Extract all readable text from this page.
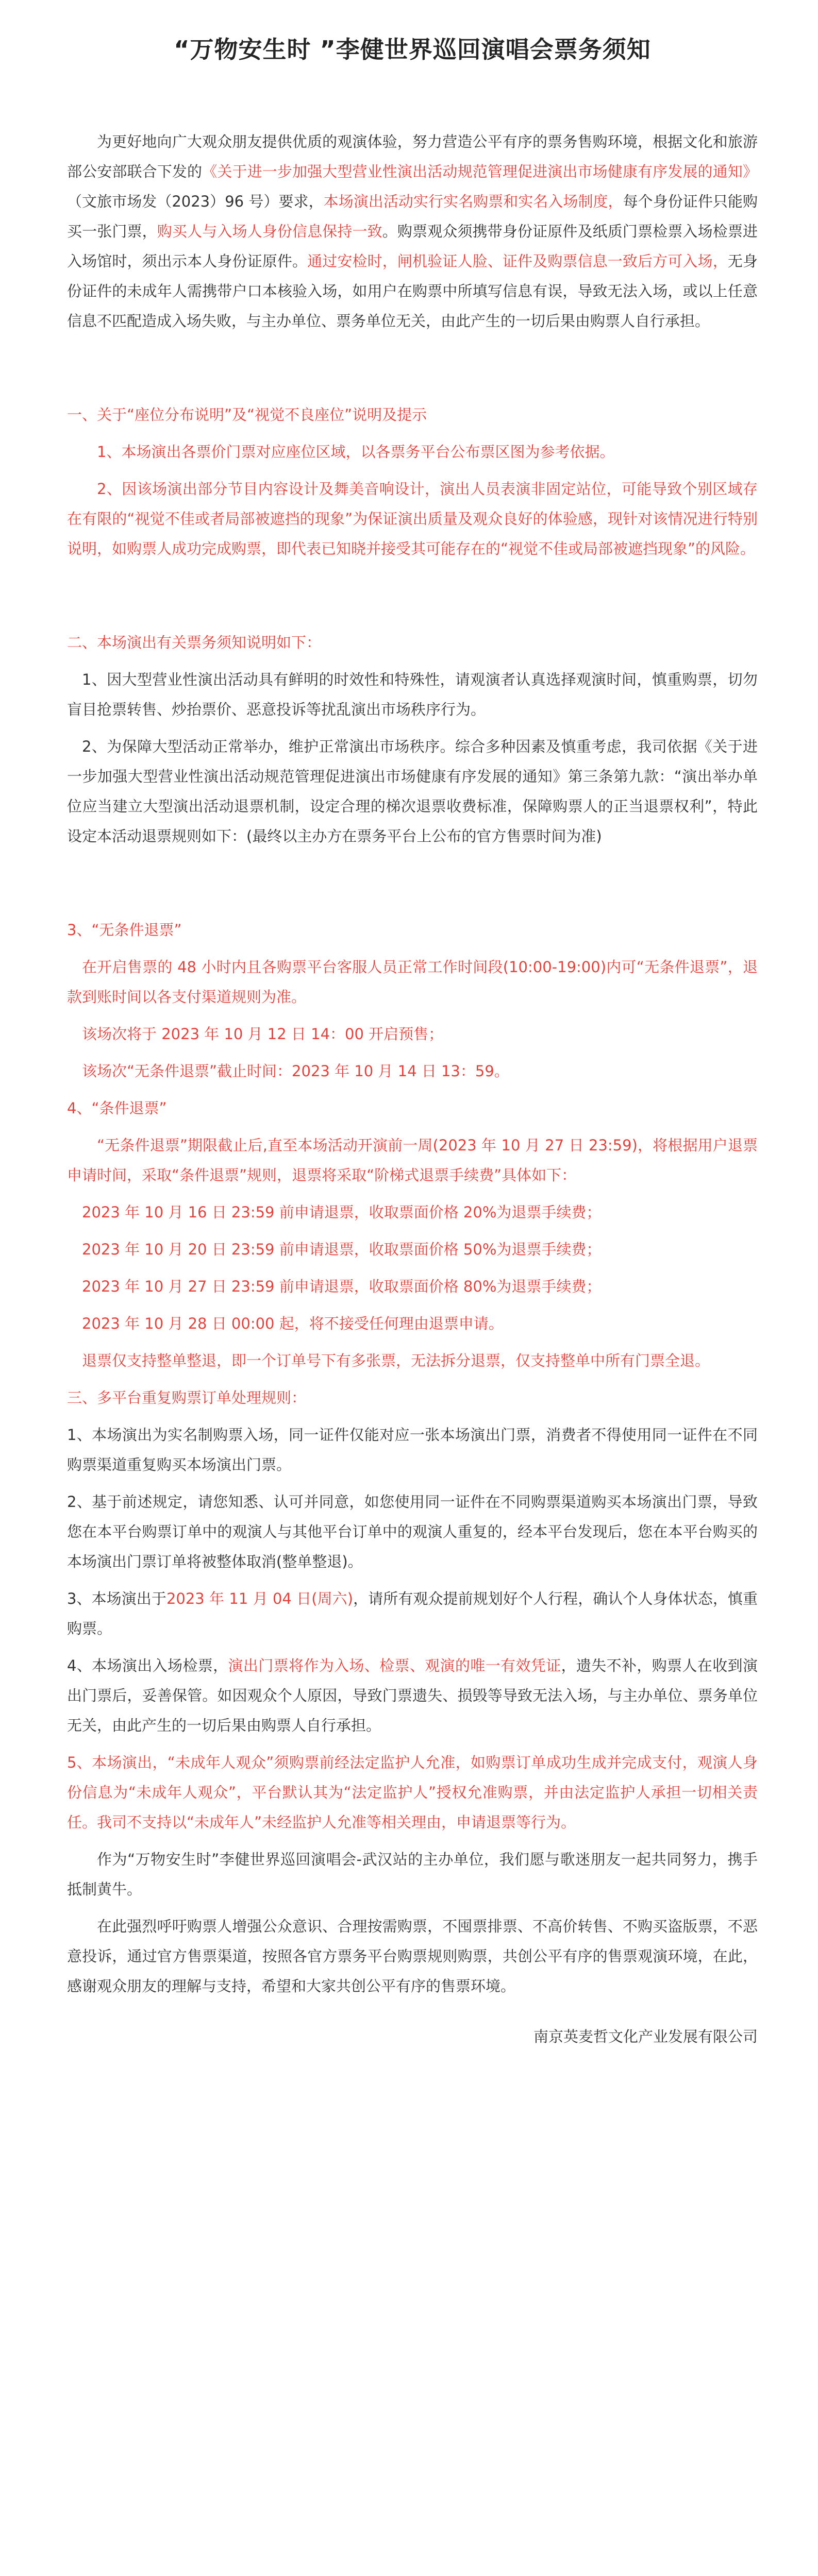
“万物安生时 ”李健世界巡回演唱会票务须知

为更好地向广大观众朋友提供优质的观演体验，努力营造公平有序的票务售购环境，根据文化和旅游部公安部联合下发的《关于进一步加强大型营业性演出活动规范管理促进演出市场健康有序发展的通知》（文旅市场发（2023）96 号）要求，本场演出活动实行实名购票和实名入场制度，每个身份证件只能购买一张门票，购买人与入场人身份信息保持一致。购票观众须携带身份证原件及纸质门票检票入场检票进入场馆时，须出示本人身份证原件。通过安检时，闸机验证人脸、证件及购票信息一致后方可入场，无身份证件的未成年人需携带户口本核验入场，如用户在购票中所填写信息有误，导致无法入场，或以上任意信息不匹配造成入场失败，与主办单位、票务单位无关，由此产生的一切后果由购票人自行承担。

一、关于“座位分布说明”及“视觉不良座位”说明及提示

1、本场演出各票价门票对应座位区域，以各票务平台公布票区图为参考依据。

2、因该场演出部分节目内容设计及舞美音响设计，演出人员表演非固定站位，可能导致个别区域存在有限的“视觉不佳或者局部被遮挡的现象”为保证演出质量及观众良好的体验感，现针对该情况进行特别说明，如购票人成功完成购票，即代表已知晓并接受其可能存在的“视觉不佳或局部被遮挡现象”的风险。

二、本场演出有关票务须知说明如下：

1、因大型营业性演出活动具有鲜明的时效性和特殊性，请观演者认真选择观演时间，慎重购票，切勿盲目抢票转售、炒抬票价、恶意投诉等扰乱演出市场秩序行为。

2、为保障大型活动正常举办，维护正常演出市场秩序。综合多种因素及慎重考虑，我司依据《关于进一步加强大型营业性演出活动规范管理促进演出市场健康有序发展的通知》第三条第九款：“演出举办单位应当建立大型演出活动退票机制，设定合理的梯次退票收费标准，保障购票人的正当退票权利”，特此设定本活动退票规则如下：(最终以主办方在票务平台上公布的官方售票时间为准)

3、“无条件退票”

在开启售票的 48 小时内且各购票平台客服人员正常工作时间段(10:00-19:00)内可“无条件退票”，退款到账时间以各支付渠道规则为准。

该场次将于 2023 年 10 月 12 日 14：00 开启预售；

该场次“无条件退票”截止时间：2023 年 10 月 14 日 13：59。

4、“条件退票”

“无条件退票”期限截止后,直至本场活动开演前一周(2023 年 10 月 27 日 23:59)，将根据用户退票申请时间，采取“条件退票”规则，退票将采取“阶梯式退票手续费”具体如下：

2023 年 10 月 16 日 23:59 前申请退票，收取票面价格 20%为退票手续费；

2023 年 10 月 20 日 23:59 前申请退票，收取票面价格 50%为退票手续费；

2023 年 10 月 27 日 23:59 前申请退票，收取票面价格 80%为退票手续费；

2023 年 10 月 28 日 00:00 起，将不接受任何理由退票申请。

退票仅支持整单整退，即一个订单号下有多张票，无法拆分退票，仅支持整单中所有门票全退。

三、多平台重复购票订单处理规则：

1、本场演出为实名制购票入场，同一证件仅能对应一张本场演出门票，消费者不得使用同一证件在不同购票渠道重复购买本场演出门票。

2、基于前述规定，请您知悉、认可并同意，如您使用同一证件在不同购票渠道购买本场演出门票，导致您在本平台购票订单中的观演人与其他平台订单中的观演人重复的，经本平台发现后，您在本平台购买的本场演出门票订单将被整体取消(整单整退)。

3、本场演出于2023 年 11 月 04 日(周六)，请所有观众提前规划好个人行程，确认个人身体状态，慎重购票。

4、本场演出入场检票，演出门票将作为入场、检票、观演的唯一有效凭证，遗失不补，购票人在收到演出门票后，妥善保管。如因观众个人原因，导致门票遗失、损毁等导致无法入场，与主办单位、票务单位无关，由此产生的一切后果由购票人自行承担。

5、本场演出，“未成年人观众”须购票前经法定监护人允准，如购票订单成功生成并完成支付，观演人身份信息为“未成年人观众”，平台默认其为“法定监护人”授权允准购票，并由法定监护人承担一切相关责任。我司不支持以“未成年人”未经监护人允准等相关理由，申请退票等行为。

作为“万物安生时”李健世界巡回演唱会-武汉站的主办单位，我们愿与歌迷朋友一起共同努力，携手抵制黄牛。

在此强烈呼吁购票人增强公众意识、合理按需购票，不囤票排票、不高价转售、不购买盗版票，不恶意投诉，通过官方售票渠道，按照各官方票务平台购票规则购票，共创公平有序的售票观演环境，在此，感谢观众朋友的理解与支持，希望和大家共创公平有序的售票环境。

南京英麦哲文化产业发展有限公司
